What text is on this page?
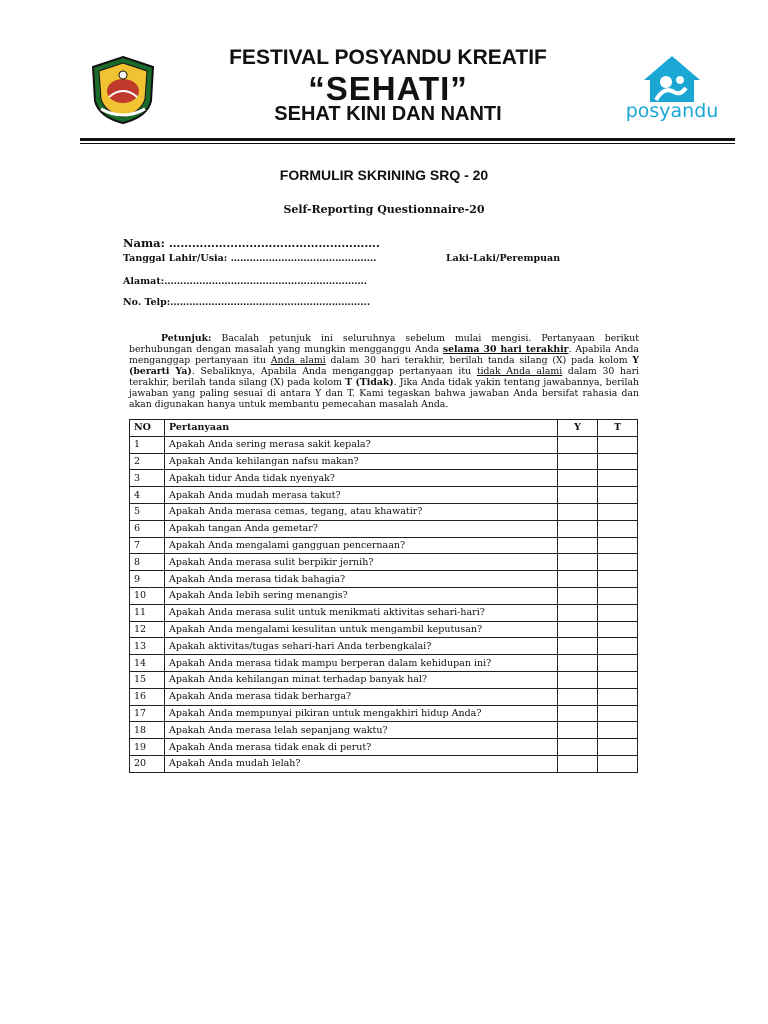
FESTIVAL POSYANDU KREATIF
“SEHATI”
SEHAT KINI DAN NANTI	posyandu
FORMULIR SKRINING SRQ - 20
Self-Reporting Questionnaire-20
Nama: ……………………………………………….
Tanggal Lahir/Usia: ……………………………………….	Laki-Laki/Perempuan
Alamat:……………………………………………………….
No. Telp:……………………………………………………...
Petunjuk: Bacalah petunjuk ini seluruhnya sebelum mulai mengisi. Pertanyaan berikut berhubungan dengan masalah yang mungkin mengganggu Anda selama 30 hari terakhir. Apabila Anda menganggap pertanyaan itu Anda alami dalam 30 hari terakhir, berilah tanda silang (X) pada kolom Y (berarti Ya). Sebaliknya, Apabila Anda menganggap pertanyaan itu tidak Anda alami dalam 30 hari terakhir, berilah tanda silang (X) pada kolom T (Tidak). Jika Anda tidak yakin tentang jawabannya, berilah jawaban yang paling sesuai di antara Y dan T. Kami tegaskan bahwa jawaban Anda bersifat rahasia dan akan digunakan hanya untuk membantu pemecahan masalah Anda.
NO	Pertanyaan	Y	T
1	Apakah Anda sering merasa sakit kepala?		
2	Apakah Anda kehilangan nafsu makan?		
3	Apakah tidur Anda tidak nyenyak?		
4	Apakah Anda mudah merasa takut?		
5	Apakah Anda merasa cemas, tegang, atau khawatir?		
6	Apakah tangan Anda gemetar?		
7	Apakah Anda mengalami gangguan pencernaan?		
8	Apakah Anda merasa sulit berpikir jernih?		
9	Apakah Anda merasa tidak bahagia?		
10	Apakah Anda lebih sering menangis?		
11	Apakah Anda merasa sulit untuk menikmati aktivitas sehari-hari?		
12	Apakah Anda mengalami kesulitan untuk mengambil keputusan?		
13	Apakah aktivitas/tugas sehari-hari Anda terbengkalai?		
14	Apakah Anda merasa tidak mampu berperan dalam kehidupan ini?		
15	Apakah Anda kehilangan minat terhadap banyak hal?		
16	Apakah Anda merasa tidak berharga?		
17	Apakah Anda mempunyai pikiran untuk mengakhiri hidup Anda?		
18	Apakah Anda merasa lelah sepanjang waktu?		
19	Apakah Anda merasa tidak enak di perut?		
20	Apakah Anda mudah lelah?		
